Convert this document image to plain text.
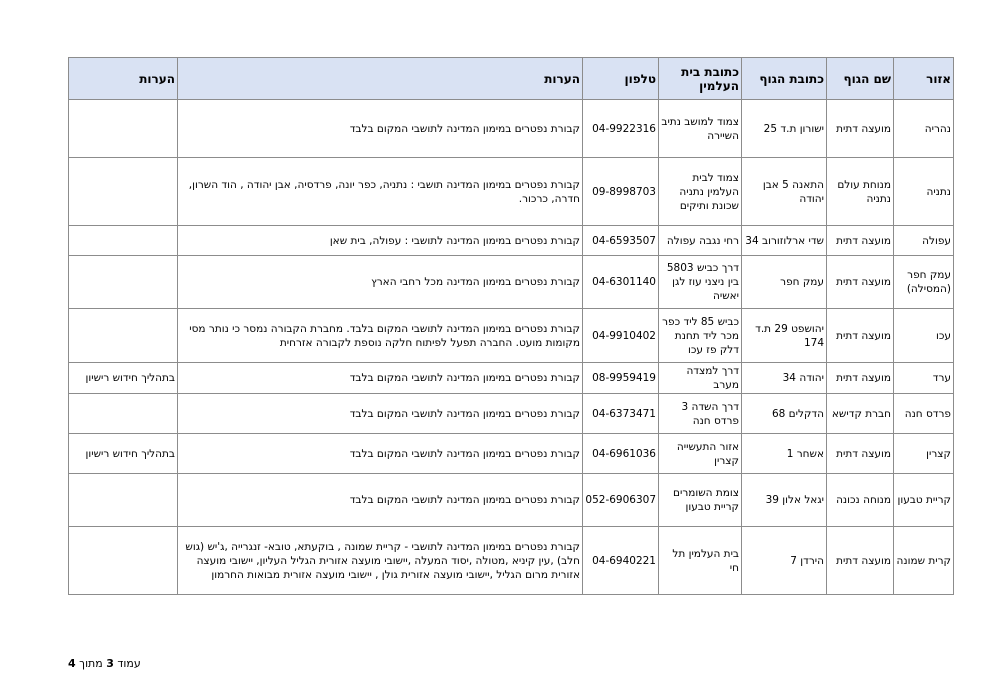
אזור	שם הגוף	כתובת הגוף	כתובת בית העלמין	טלפון	הערות	הערות
נהריה	מועצה דתית	ישורון ת.ד 25	צמוד למושב נתיב השיירה	04-9922316	קבורת נפטרים במימון המדינה לתושבי המקום בלבד	
נתניה	מנוחת עולם נתניה	התאנה 5 אבן יהודה	צמוד לבית העלמין נתניה שכונת ותיקים	09-8998703	קבורת נפטרים במימון המדינה תושבי : נתניה, כפר יונה, פרדסיה, אבן יהודה , הוד השרון, חדרה, כרכור.	
עפולה	מועצה דתית	שדי ארלוזורוב 34	רחי נגבה עפולה	04-6593507	קבורת נפטרים במימון המדינה לתושבי : עפולה, בית שאן	
עמק חפר (המסילה)	מועצה דתית	עמק חפר	דרך כביש 5803 בין ניצני עוז לגן יאשיה	04-6301140	קבורת נפטרים במימון המדינה מכל רחבי הארץ	
עכו	מועצה דתית	יהושפט 29 ת.ד 174	כביש 85 ליד כפר מכר ליד תחנת דלק פז עכו	04-9910402	קבורת נפטרים במימון המדינה לתושבי המקום בלבד. מחברת הקבורה נמסר כי נותר מסי מקומות מועט. החברה תפעל לפיתוח חלקה נוספת לקבורה אזרחית	
ערד	מועצה דתית	יהודה 34	דרך למצדה מערב	08-9959419	קבורת נפטרים במימון המדינה לתושבי המקום בלבד	בתהליך חידוש רישיון
פרדס חנה	חברת קדישא	הדקלים 68	דרך השדה 3 פרדס חנה	04-6373471	קבורת נפטרים במימון המדינה לתושבי המקום בלבד	
קצרין	מועצה דתית	אשחר 1	אזור התעשייה קצרין	04-6961036	קבורת נפטרים במימון המדינה לתושבי המקום בלבד	בתהליך חידוש רישיון
קריית טבעון	מנוחה נכונה	יגאל אלון 39	צומת השומרים קריית טבעון	052-6906307	קבורת נפטרים במימון המדינה לתושבי המקום בלבד	
קרית שמונה	מועצה דתית	הירדן 7	בית העלמין תל חי	04-6940221	קבורת נפטרים במימון המדינה לתושבי - קריית שמונה , בוקעתא, טובא- זנגרייה ,ג'יש (גוש חלב) ,עין קיניא ,מטולה ,יסוד המעלה ,יישובי מועצה אזורית הגליל העליון, יישובי מועצה אזורית מרום הגליל ,יישובי מועצה אזורית גולן , יישובי מועצה אזורית מבואות החרמון	
עמוד 3 מתוך 4
